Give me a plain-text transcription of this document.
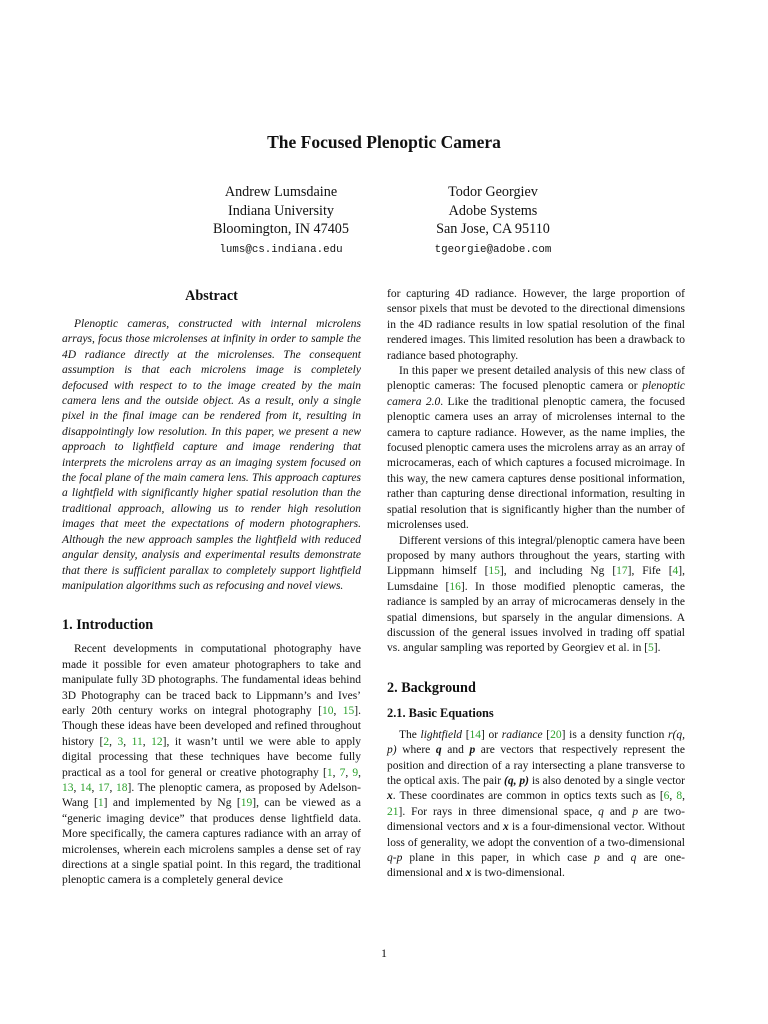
The Focused Plenoptic Camera
Andrew Lumsdaine
Indiana University
Bloomington, IN 47405
lums@cs.indiana.edu
Todor Georgiev
Adobe Systems
San Jose, CA 95110
tgeorgie@adobe.com
Abstract

Plenoptic cameras, constructed with internal microlens arrays, focus those microlenses at infinity in order to sample the 4D radiance directly at the microlenses. The consequent assumption is that each microlens image is completely defocused with respect to to the image created by the main camera lens and the outside object. As a result, only a single pixel in the final image can be rendered from it, resulting in disappointingly low resolution. In this paper, we present a new approach to lightfield capture and image rendering that interprets the microlens array as an imaging system focused on the focal plane of the main camera lens. This approach captures a lightfield with significantly higher spatial resolution than the traditional approach, allowing us to render high resolution images that meet the expectations of modern photographers. Although the new approach samples the lightfield with reduced angular density, analysis and experimental results demonstrate that there is sufficient parallax to completely support lightfield manipulation algorithms such as refocusing and novel views.

1. Introduction

Recent developments in computational photography have made it possible for even amateur photographers to take and manipulate fully 3D photographs. The fundamental ideas behind 3D Photography can be traced back to Lippmann’s and Ives’ early 20th century works on integral photography [10, 15]. Though these ideas have been developed and refined throughout history [2, 3, 11, 12], it wasn’t until we were able to apply digital processing that these techniques have become fully practical as a tool for general or creative photography [1, 7, 9, 13, 14, 17, 18]. The plenoptic camera, as proposed by Adelson-Wang [1] and implemented by Ng [19], can be viewed as a “generic imaging device” that produces dense lightfield data. More specifically, the camera captures radiance with an array of microlenses, wherein each microlens samples a dense set of ray directions at a single spatial point. In this regard, the traditional plenoptic camera is a completely general device

for capturing 4D radiance. However, the large proportion of sensor pixels that must be devoted to the directional dimensions in the 4D radiance results in low spatial resolution of the final rendered images. This limited resolution has been a drawback to radiance based photography.

In this paper we present detailed analysis of this new class of plenoptic cameras: The focused plenoptic camera or plenoptic camera 2.0. Like the traditional plenoptic camera, the focused plenoptic camera uses an array of microlenses internal to the camera to capture radiance. However, as the name implies, the focused plenoptic camera uses the microlens array as an array of microcameras, each of which captures a focused microimage. In this way, the new camera captures dense positional information, rather than capturing dense directional information, resulting in spatial resolution that is significantly higher than the number of microlenses used.

Different versions of this integral/plenoptic camera have been proposed by many authors throughout the years, starting with Lippmann himself [15], and including Ng [17], Fife [4], Lumsdaine [16]. In those modified plenoptic cameras, the radiance is sampled by an array of microcameras densely in the spatial dimensions, but sparsely in the angular dimensions. A discussion of the general issues involved in trading off spatial vs. angular sampling was reported by Georgiev et al. in [5].

2. Background
2.1. Basic Equations

The lightfield [14] or radiance [20] is a density function r(q, p) where q and p are vectors that respectively represent the position and direction of a ray intersecting a plane transverse to the optical axis. The pair (q, p) is also denoted by a single vector x. These coordinates are common in optics texts such as [6, 8, 21]. For rays in three dimensional space, q and p are two-dimensional vectors and x is a four-dimensional vector. Without loss of generality, we adopt the convention of a two-dimensional q-p plane in this paper, in which case p and q are one-dimensional and x is two-dimensional.

1
